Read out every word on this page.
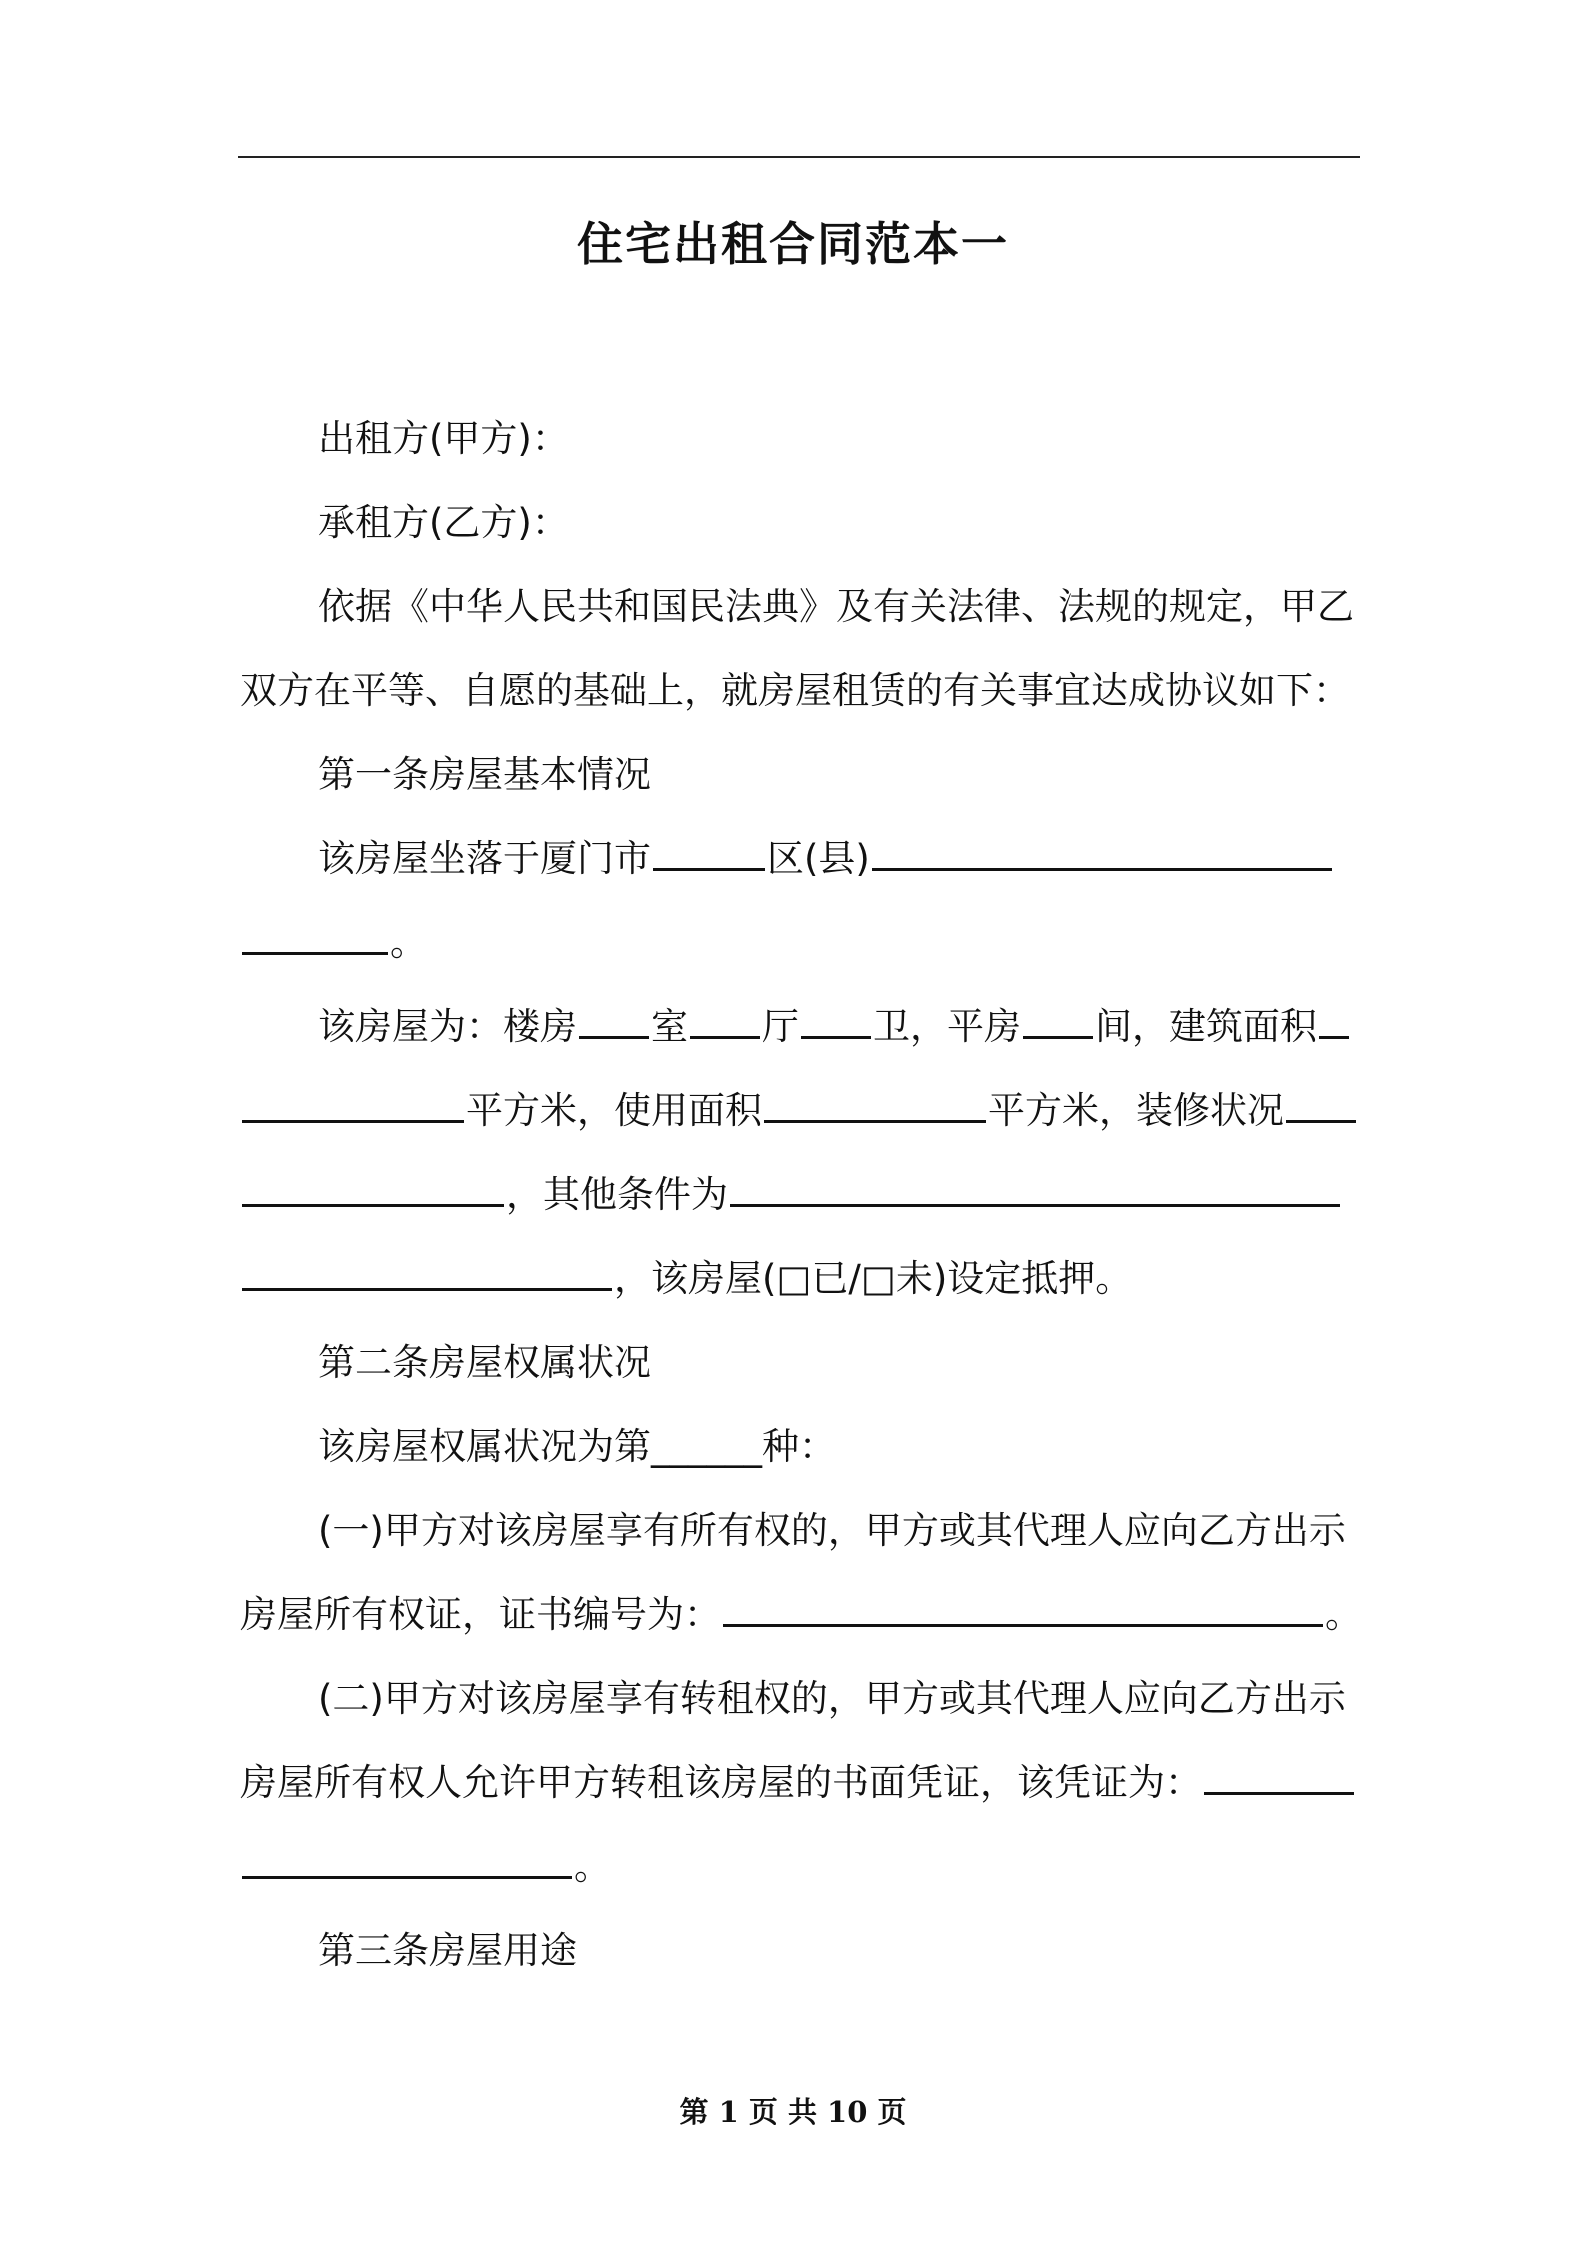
住宅出租合同范本一
出租方(甲方)：
承租方(乙方)：
依据《中华人民共和国民法典》及有关法律、法规的规定，甲乙
双方在平等、自愿的基础上，就房屋租赁的有关事宜达成协议如下：
第一条房屋基本情况
该房屋坐落于厦门市	区(县)
。
该房屋为：楼房 室 厅 卫，平房 间，建筑面积
平方米，使用面积	平方米，装修状况
，其他条件为
，该房屋(□已/□未)设定抵押。
第二条房屋权属状况
该房屋权属状况为第______种：
(一)甲方对该房屋享有所有权的，甲方或其代理人应向乙方出示
房屋所有权证，证书编号为：	。
(二)甲方对该房屋享有转租权的，甲方或其代理人应向乙方出示
房屋所有权人允许甲方转租该房屋的书面凭证，该凭证为：
。
第三条房屋用途
第 1 页 共 10 页
